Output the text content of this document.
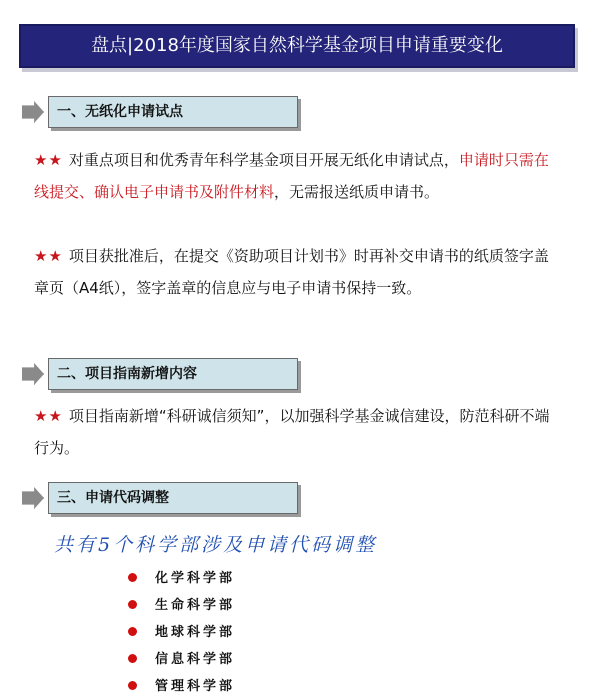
盘点|2018年度国家自然科学基金项目申请重要变化
一、无纸化申请试点
★★ 对重点项目和优秀青年科学基金项目开展无纸化申请试点，申请时只需在线提交、确认电子申请书及附件材料，无需报送纸质申请书。
★★ 项目获批准后，在提交《资助项目计划书》时再补交申请书的纸质签字盖章页（A4纸），签字盖章的信息应与电子申请书保持一致。
二、项目指南新增内容
★★ 项目指南新增“科研诚信须知”，以加强科学基金诚信建设，防范科研不端行为。
三、申请代码调整
共有5个科学部涉及申请代码调整
化学科学部
生命科学部
地球科学部
信息科学部
管理科学部
